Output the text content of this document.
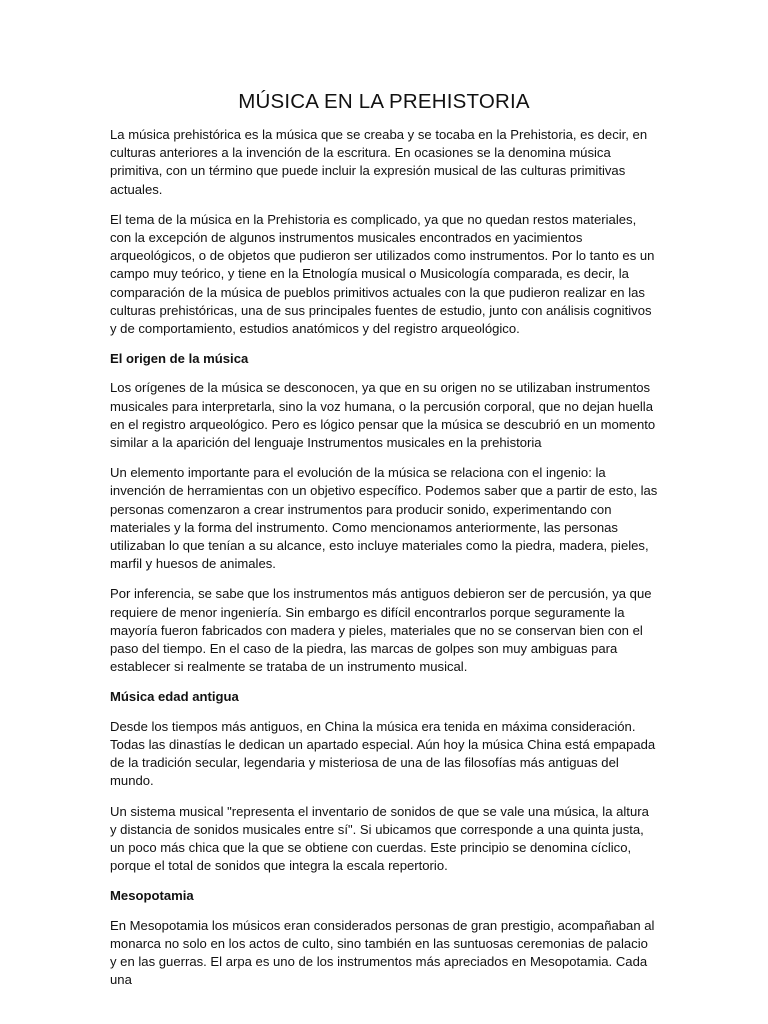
MÚSICA EN LA PREHISTORIA

La música prehistórica es la música que se creaba y se tocaba en la Prehistoria, es decir, en culturas anteriores a la invención de la escritura. En ocasiones se la denomina música primitiva, con un término que puede incluir la expresión musical de las culturas primitivas actuales.

El tema de la música en la Prehistoria es complicado, ya que no quedan restos materiales, con la excepción de algunos instrumentos musicales encontrados en yacimientos arqueológicos, o de objetos que pudieron ser utilizados como instrumentos. Por lo tanto es un campo muy teórico, y tiene en la Etnología musical o Musicología comparada, es decir, la comparación de la música de pueblos primitivos actuales con la que pudieron realizar en las culturas prehistóricas, una de sus principales fuentes de estudio, junto con análisis cognitivos y de comportamiento, estudios anatómicos y del registro arqueológico.

El origen de la música

Los orígenes de la música se desconocen, ya que en su origen no se utilizaban instrumentos musicales para interpretarla, sino la voz humana, o la percusión corporal, que no dejan huella en el registro arqueológico. Pero es lógico pensar que la música se descubrió en un momento similar a la aparición del lenguaje Instrumentos musicales en la prehistoria

Un elemento importante para el evolución de la música se relaciona con el ingenio: la invención de herramientas con un objetivo específico. Podemos saber que a partir de esto, las personas comenzaron a crear instrumentos para producir sonido, experimentando con materiales y la forma del instrumento. Como mencionamos anteriormente, las personas utilizaban lo que tenían a su alcance, esto incluye materiales como la piedra, madera, pieles, marfil y huesos de animales.

Por inferencia, se sabe que los instrumentos más antiguos debieron ser de percusión, ya que requiere de menor ingeniería. Sin embargo es difícil encontrarlos porque seguramente la mayoría fueron fabricados con madera y pieles, materiales que no se conservan bien con el paso del tiempo. En el caso de la piedra, las marcas de golpes son muy ambiguas para establecer si realmente se trataba de un instrumento musical.

Música edad antigua

Desde los tiempos más antiguos, en China la música era tenida en máxima consideración. Todas las dinastías le dedican un apartado especial. Aún hoy la música China está empapada de la tradición secular, legendaria y misteriosa de una de las filosofías más antiguas del mundo.

Un sistema musical "representa el inventario de sonidos de que se vale una música, la altura y distancia de sonidos musicales entre sí". Si ubicamos que corresponde a una quinta justa, un poco más chica que la que se obtiene con cuerdas. Este principio se denomina cíclico, porque el total de sonidos que integra la escala repertorio.

Mesopotamia

En Mesopotamia los músicos eran considerados personas de gran prestigio, acompañaban al monarca no solo en los actos de culto, sino también en las suntuosas ceremonias de palacio y en las guerras. El arpa es uno de los instrumentos más apreciados en Mesopotamia. Cada una
